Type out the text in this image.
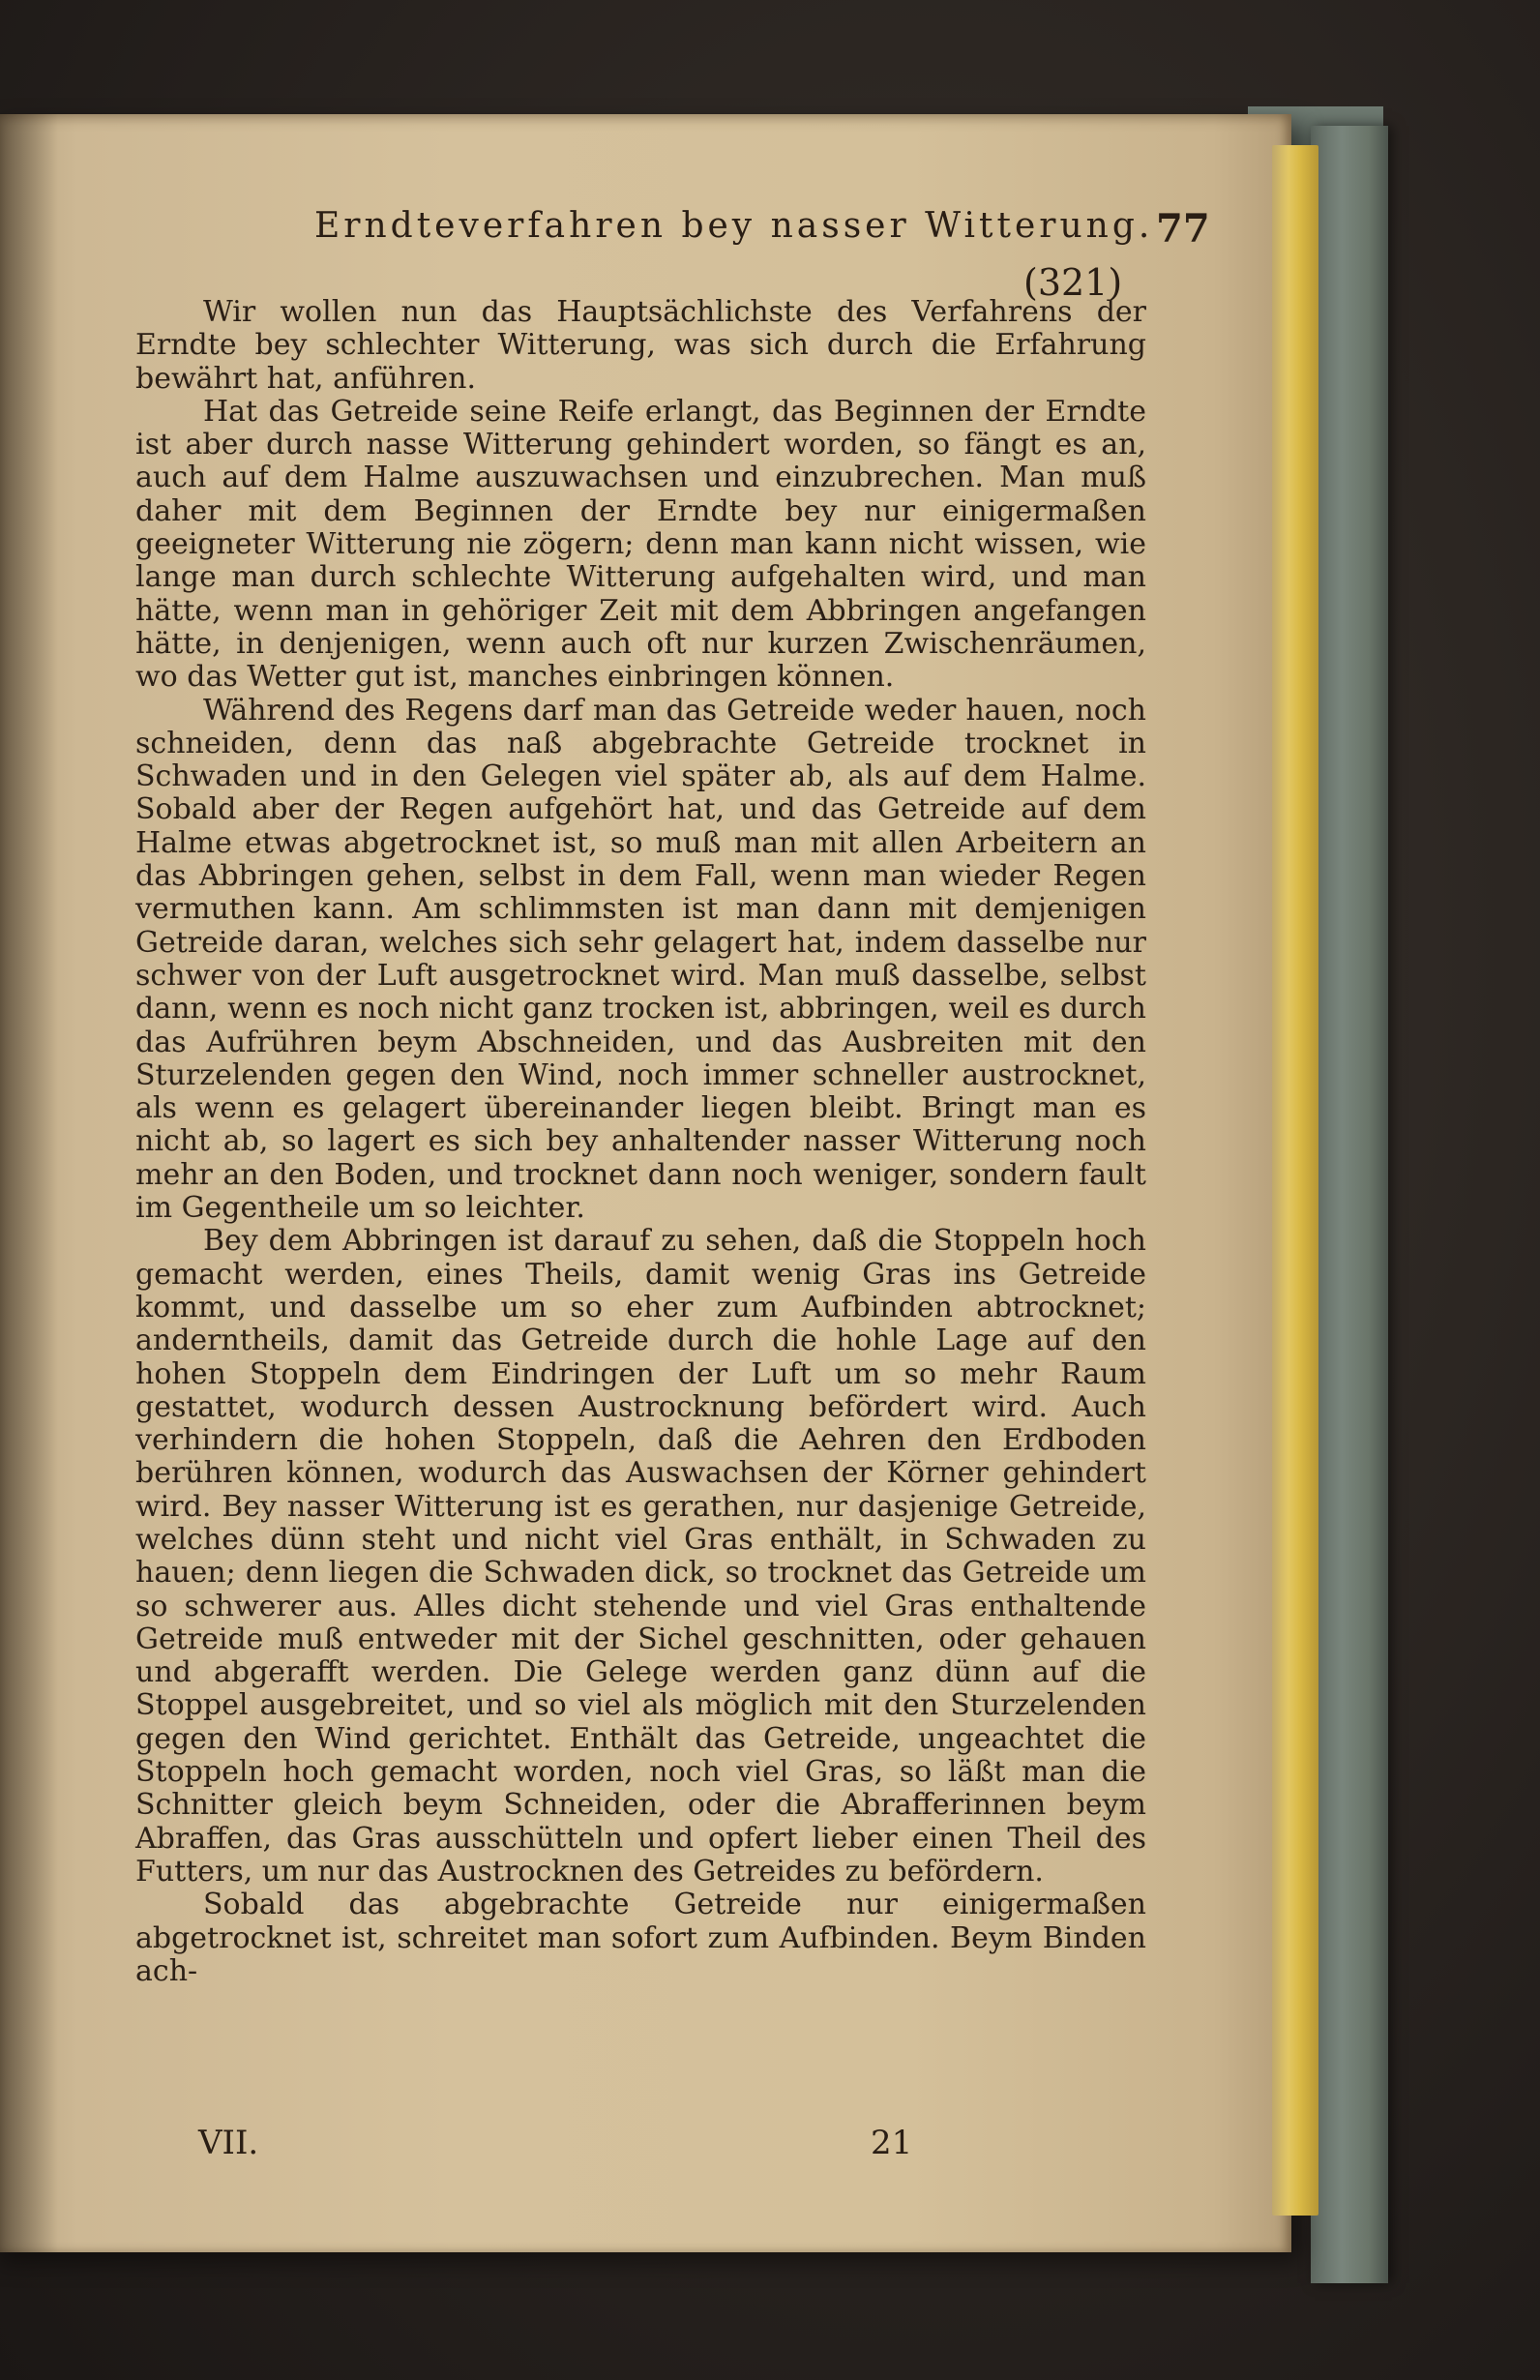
Erndteverfahren bey nasser Witterung. 77
(321)

Wir wollen nun das Hauptsächlichste des Verfahrens der Erndte bey schlechter Witterung, was sich durch die Erfahrung bewährt hat, anführen.

Hat das Getreide seine Reife erlangt, das Beginnen der Erndte ist aber durch nasse Witterung gehindert worden, so fängt es an, auch auf dem Halme auszuwachsen und einzubrechen. Man muß daher mit dem Beginnen der Erndte bey nur einigermaßen geeigneter Witterung nie zögern; denn man kann nicht wissen, wie lange man durch schlechte Witterung aufgehalten wird, und man hätte, wenn man in gehöriger Zeit mit dem Abbringen angefangen hätte, in denjenigen, wenn auch oft nur kurzen Zwischenräumen, wo das Wetter gut ist, manches einbringen können.

Während des Regens darf man das Getreide weder hauen, noch schneiden, denn das naß abgebrachte Getreide trocknet in Schwaden und in den Gelegen viel später ab, als auf dem Halme. Sobald aber der Regen aufgehört hat, und das Getreide auf dem Halme etwas abgetrocknet ist, so muß man mit allen Arbeitern an das Abbringen gehen, selbst in dem Fall, wenn man wieder Regen vermuthen kann. Am schlimmsten ist man dann mit demjenigen Getreide daran, welches sich sehr gelagert hat, indem dasselbe nur schwer von der Luft ausgetrocknet wird. Man muß dasselbe, selbst dann, wenn es noch nicht ganz trocken ist, abbringen, weil es durch das Aufrühren beym Abschneiden, und das Ausbreiten mit den Sturzelenden gegen den Wind, noch immer schneller austrocknet, als wenn es gelagert übereinander liegen bleibt. Bringt man es nicht ab, so lagert es sich bey anhaltender nasser Witterung noch mehr an den Boden, und trocknet dann noch weniger, sondern fault im Gegentheile um so leichter.

Bey dem Abbringen ist darauf zu sehen, daß die Stoppeln hoch gemacht werden, eines Theils, damit wenig Gras ins Getreide kommt, und dasselbe um so eher zum Aufbinden abtrocknet; anderntheils, damit das Getreide durch die hohle Lage auf den hohen Stoppeln dem Eindringen der Luft um so mehr Raum gestattet, wodurch dessen Austrocknung befördert wird. Auch verhindern die hohen Stoppeln, daß die Aehren den Erdboden berühren können, wodurch das Auswachsen der Körner gehindert wird. Bey nasser Witterung ist es gerathen, nur dasjenige Getreide, welches dünn steht und nicht viel Gras enthält, in Schwaden zu hauen; denn liegen die Schwaden dick, so trocknet das Getreide um so schwerer aus. Alles dicht stehende und viel Gras enthaltende Getreide muß entweder mit der Sichel geschnitten, oder gehauen und abgerafft werden. Die Gelege werden ganz dünn auf die Stoppel ausgebreitet, und so viel als möglich mit den Sturzelenden gegen den Wind gerichtet. Enthält das Getreide, ungeachtet die Stoppeln hoch gemacht worden, noch viel Gras, so läßt man die Schnitter gleich beym Schneiden, oder die Abrafferinnen beym Abraffen, das Gras ausschütteln und opfert lieber einen Theil des Futters, um nur das Austrocknen des Getreides zu befördern.

Sobald das abgebrachte Getreide nur einigermaßen abgetrocknet ist, schreitet man sofort zum Aufbinden. Beym Binden ach-

VII.	21
